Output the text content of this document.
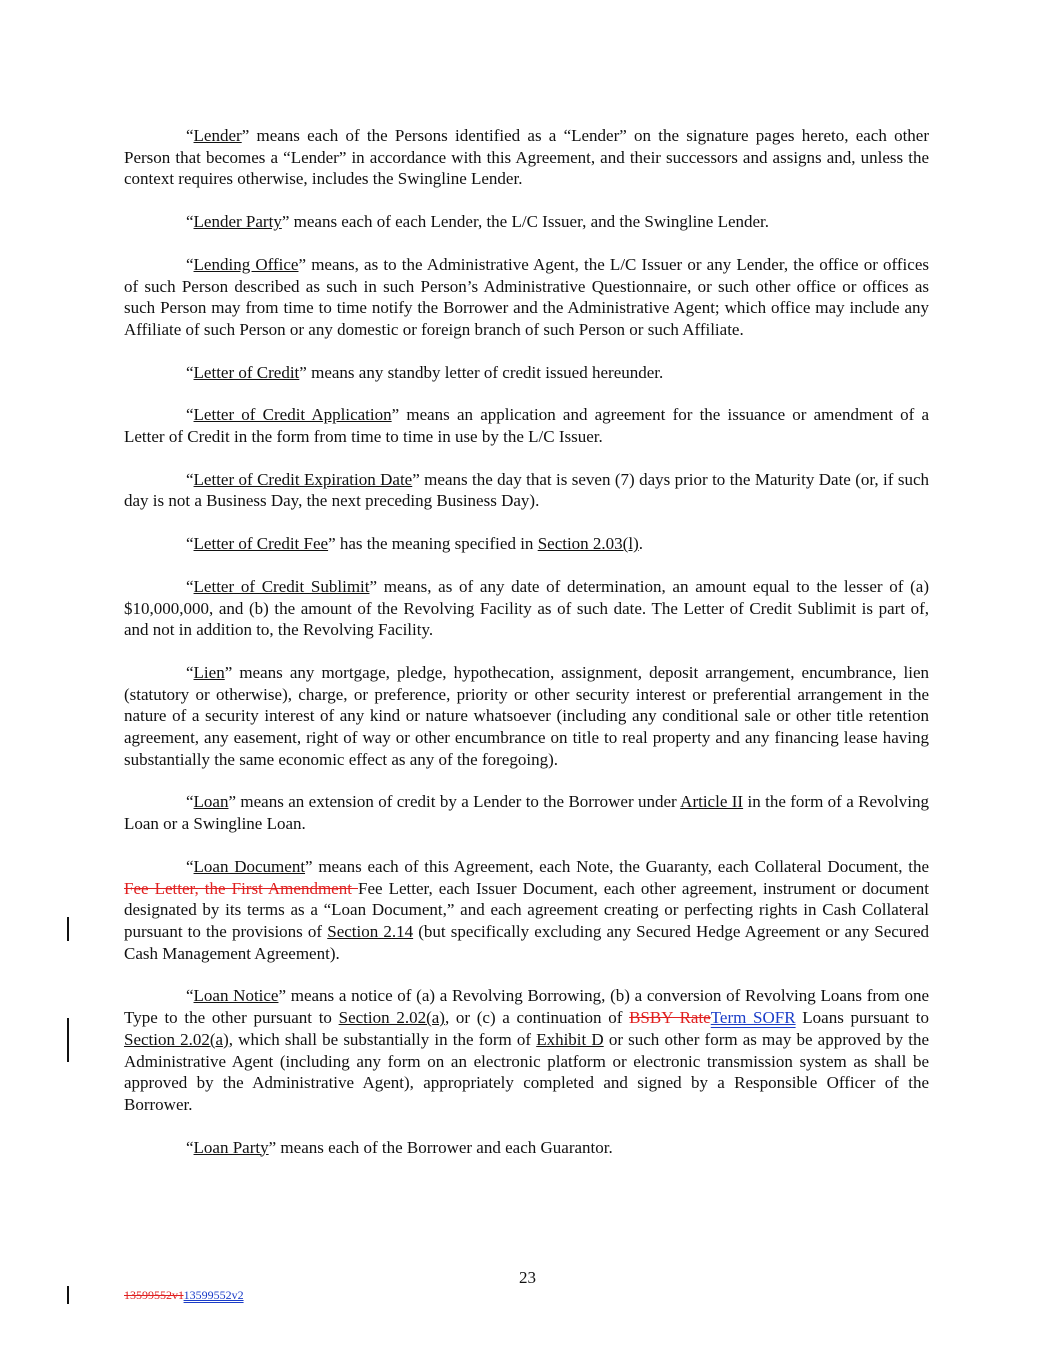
“Lender” means each of the Persons identified as a “Lender” on the signature pages hereto, each other Person that becomes a “Lender” in accordance with this Agreement, and their successors and assigns and, unless the context requires otherwise, includes the Swingline Lender.

“Lender Party” means each of each Lender, the L/C Issuer, and the Swingline Lender.

“Lending Office” means, as to the Administrative Agent, the L/C Issuer or any Lender, the office or offices of such Person described as such in such Person’s Administrative Questionnaire, or such other office or offices as such Person may from time to time notify the Borrower and the Administrative Agent; which office may include any Affiliate of such Person or any domestic or foreign branch of such Person or such Affiliate.

“Letter of Credit” means any standby letter of credit issued hereunder.

“Letter of Credit Application” means an application and agreement for the issuance or amendment of a Letter of Credit in the form from time to time in use by the L/C Issuer.

“Letter of Credit Expiration Date” means the day that is seven (7) days prior to the Maturity Date (or, if such day is not a Business Day, the next preceding Business Day).

“Letter of Credit Fee” has the meaning specified in Section 2.03(l).

“Letter of Credit Sublimit” means, as of any date of determination, an amount equal to the lesser of (a) $10,000,000, and (b) the amount of the Revolving Facility as of such date. The Letter of Credit Sublimit is part of, and not in addition to, the Revolving Facility.

“Lien” means any mortgage, pledge, hypothecation, assignment, deposit arrangement, encumbrance, lien (statutory or otherwise), charge, or preference, priority or other security interest or preferential arrangement in the nature of a security interest of any kind or nature whatsoever (including any conditional sale or other title retention agreement, any easement, right of way or other encumbrance on title to real property and any financing lease having substantially the same economic effect as any of the foregoing).

“Loan” means an extension of credit by a Lender to the Borrower under Article II in the form of a Revolving Loan or a Swingline Loan.

“Loan Document” means each of this Agreement, each Note, the Guaranty, each Collateral Document, the Fee Letter, the First Amendment Fee Letter, each Issuer Document, each other agreement, instrument or document designated by its terms as a “Loan Document,” and each agreement creating or perfecting rights in Cash Collateral pursuant to the provisions of Section 2.14 (but specifically excluding any Secured Hedge Agreement or any Secured Cash Management Agreement).

“Loan Notice” means a notice of (a) a Revolving Borrowing, (b) a conversion of Revolving Loans from one Type to the other pursuant to Section 2.02(a), or (c) a continuation of BSBY RateTerm SOFR Loans pursuant to Section 2.02(a), which shall be substantially in the form of Exhibit D or such other form as may be approved by the Administrative Agent (including any form on an electronic platform or electronic transmission system as shall be approved by the Administrative Agent), appropriately completed and signed by a Responsible Officer of the Borrower.

“Loan Party” means each of the Borrower and each Guarantor.

23
13599552v113599552v2
